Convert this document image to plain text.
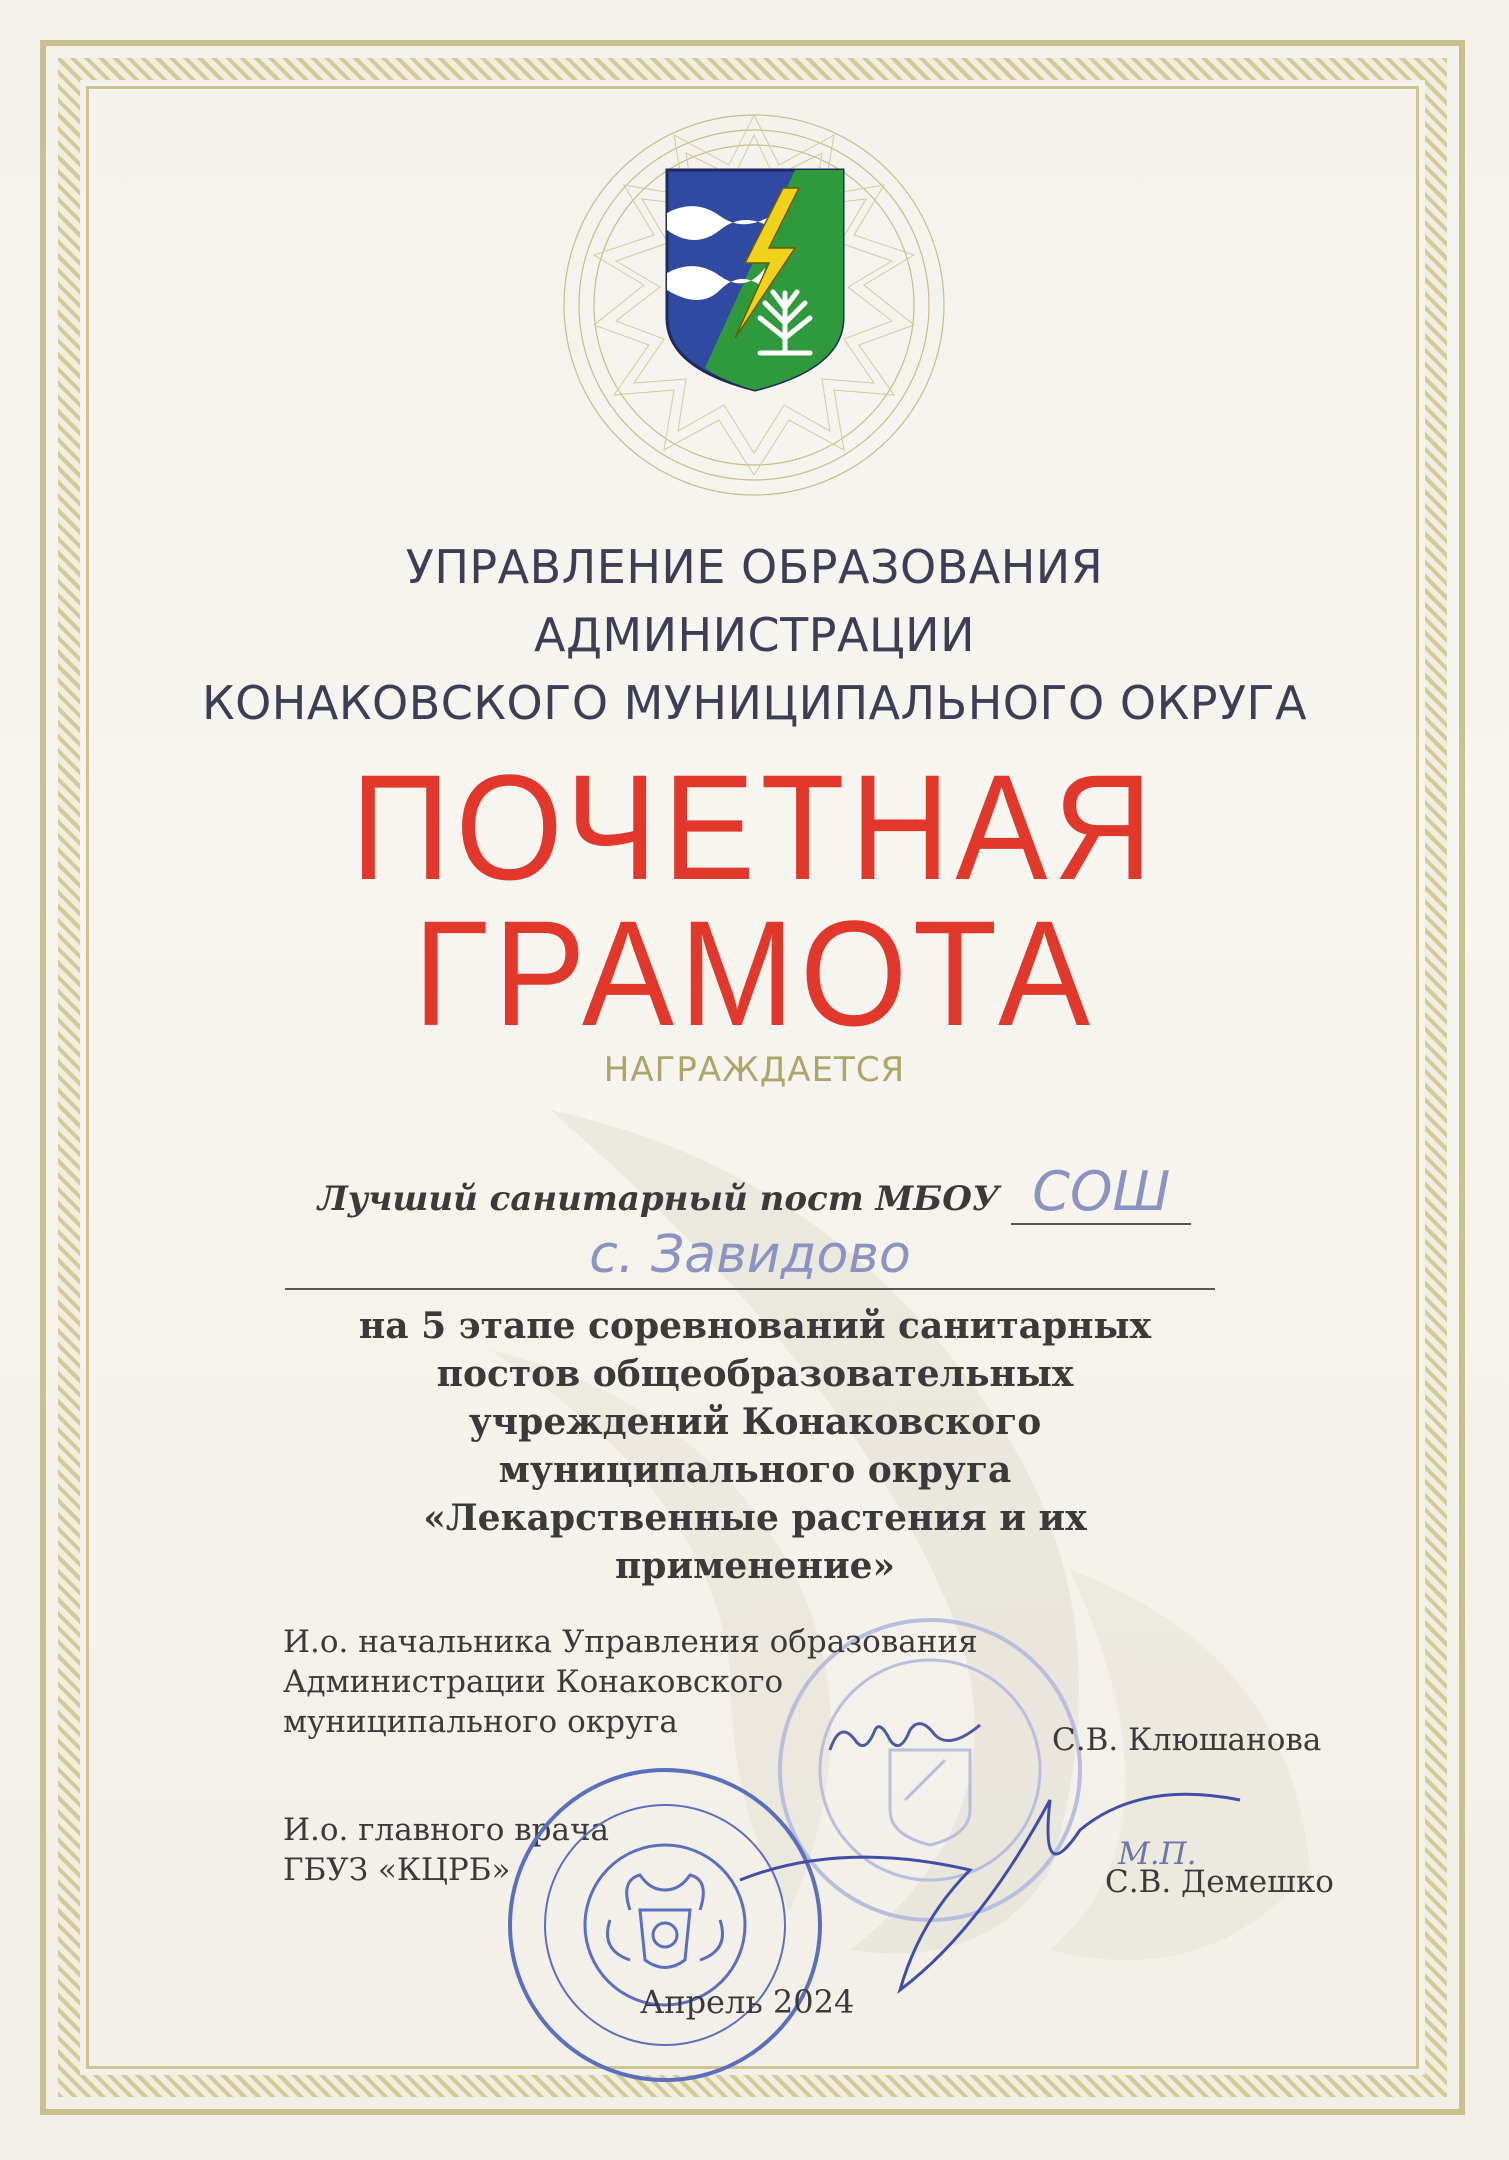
УПРАВЛЕНИЕ ОБРАЗОВАНИЯ
АДМИНИСТРАЦИИ
КОНАКОВСКОГО МУНИЦИПАЛЬНОГО ОКРУГА
ПОЧЕТНАЯ
ГРАМОТА
НАГРАЖДАЕТСЯ
Лучший санитарный пост МБОУ СОШ
с. Завидово
на 5 этапе соревнований санитарных
постов общеобразовательных
учреждений Конаковского
муниципального округа
«Лекарственные растения и их
применение»
И.о. начальника Управления образования
Администрации Конаковского
муниципального округа	С.В. Клюшанова
И.о. главного врача
ГБУЗ «КЦРБ»	М.П.
С.В. Демешко
Апрель 2024
